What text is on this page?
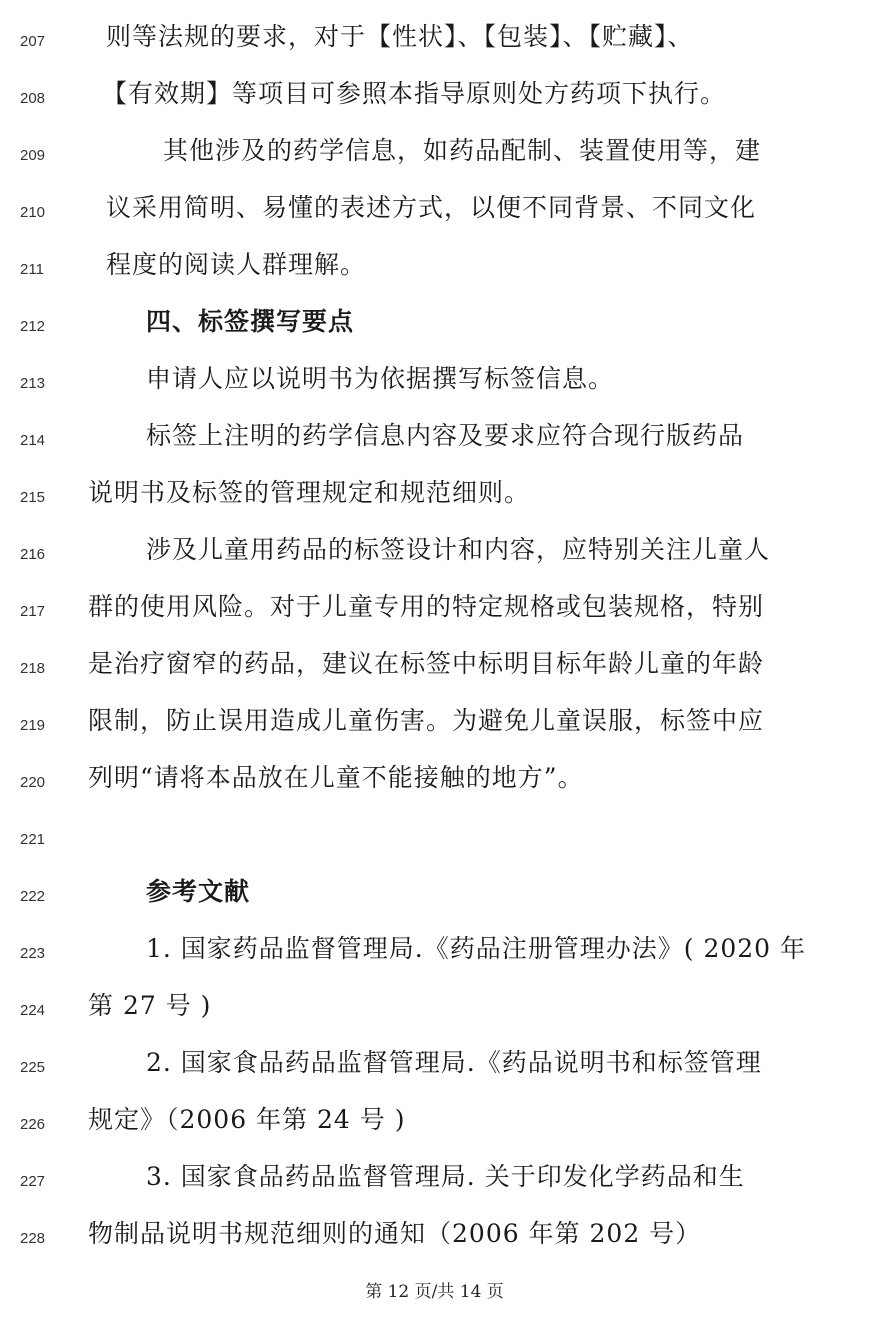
207	则等法规的要求，对于【性状】、【包装】、【贮藏】、
208	【有效期】等项目可参照本指导原则处方药项下执行。
209	其他涉及的药学信息，如药品配制、装置使用等，建
210	议采用简明、易懂的表述方式，以便不同背景、不同文化
211	程度的阅读人群理解。
212	四、标签撰写要点
213	申请人应以说明书为依据撰写标签信息。
214	标签上注明的药学信息内容及要求应符合现行版药品
215	说明书及标签的管理规定和规范细则。
216	涉及儿童用药品的标签设计和内容，应特别关注儿童人
217	群的使用风险。对于儿童专用的特定规格或包装规格，特别
218	是治疗窗窄的药品，建议在标签中标明目标年龄儿童的年龄
219	限制，防止误用造成儿童伤害。为避免儿童误服，标签中应
220	列明“请将本品放在儿童不能接触的地方”。
221
222	参考文献
223	1. 国家药品监督管理局.《药品注册管理办法》( 2020 年
224	第 27 号 )
225	2. 国家食品药品监督管理局.《药品说明书和标签管理
226	规定》（2006 年第 24 号 )
227	3. 国家食品药品监督管理局. 关于印发化学药品和生
228	物制品说明书规范细则的通知（2006 年第 202 号）
第 12 页/共 14 页
